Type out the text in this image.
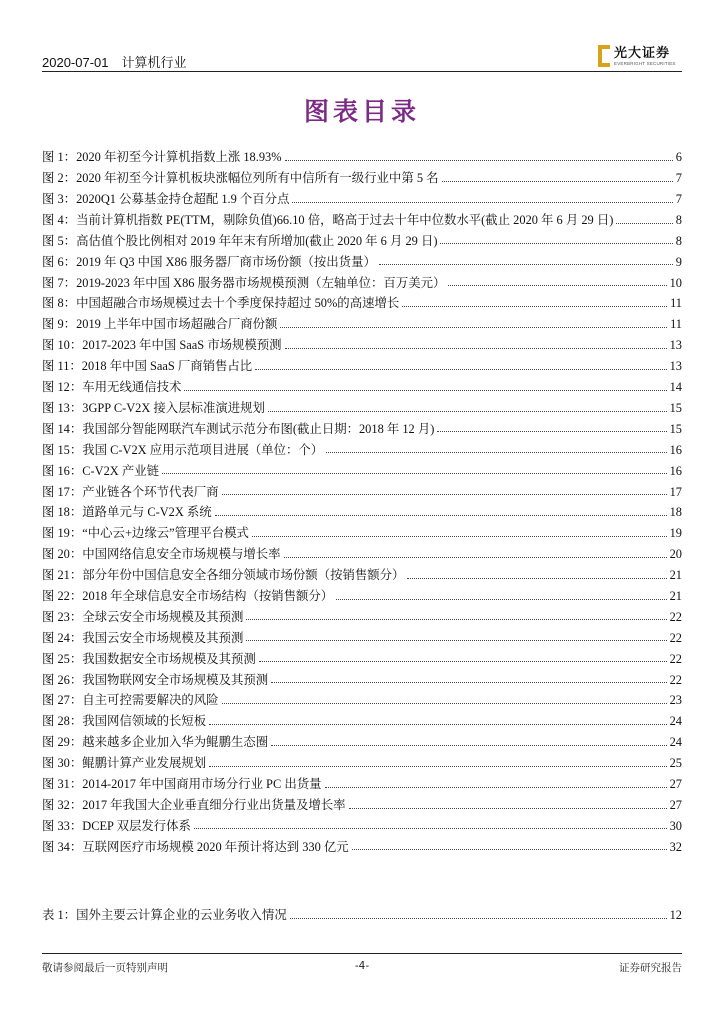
2020-07-01　计算机行业
光大证券
EVERBRIGHT SECURITIES
图表目录
图 1：2020 年初至今计算机指数上涨 18.93%	6
图 2：2020 年初至今计算机板块涨幅位列所有中信所有一级行业中第 5 名	7
图 3：2020Q1 公募基金持仓超配 1.9 个百分点	7
图 4：当前计算机指数 PE(TTM，剔除负值)66.10 倍，略高于过去十年中位数水平(截止 2020 年 6 月 29 日)	8
图 5：高估值个股比例相对 2019 年年末有所增加(截止 2020 年 6 月 29 日)	8
图 6：2019 年 Q3 中国 X86 服务器厂商市场份额（按出货量）	9
图 7：2019-2023 年中国 X86 服务器市场规模预测（左轴单位：百万美元）	10
图 8：中国超融合市场规模过去十个季度保持超过 50%的高速增长	11
图 9：2019 上半年中国市场超融合厂商份额	11
图 10：2017-2023 年中国 SaaS 市场规模预测	13
图 11：2018 年中国 SaaS 厂商销售占比	13
图 12：车用无线通信技术	14
图 13：3GPP C-V2X 接入层标准演进规划	15
图 14：我国部分智能网联汽车测试示范分布图(截止日期：2018 年 12 月)	15
图 15：我国 C-V2X 应用示范项目进展（单位：个）	16
图 16：C-V2X 产业链	16
图 17：产业链各个环节代表厂商	17
图 18：道路单元与 C-V2X 系统	18
图 19：“中心云+边缘云”管理平台模式	19
图 20：中国网络信息安全市场规模与增长率	20
图 21：部分年份中国信息安全各细分领域市场份额（按销售额分）	21
图 22：2018 年全球信息安全市场结构（按销售额分）	21
图 23：全球云安全市场规模及其预测	22
图 24：我国云安全市场规模及其预测	22
图 25：我国数据安全市场规模及其预测	22
图 26：我国物联网安全市场规模及其预测	22
图 27：自主可控需要解决的风险	23
图 28：我国网信领域的长短板	24
图 29：越来越多企业加入华为鲲鹏生态圈	24
图 30：鲲鹏计算产业发展规划	25
图 31：2014-2017 年中国商用市场分行业 PC 出货量	27
图 32：2017 年我国大企业垂直细分行业出货量及增长率	27
图 33：DCEP 双层发行体系	30
图 34：互联网医疗市场规模 2020 年预计将达到 330 亿元	32
表 1：国外主要云计算企业的云业务收入情况	12
敬请参阅最后一页特别声明	-4-	证券研究报告
